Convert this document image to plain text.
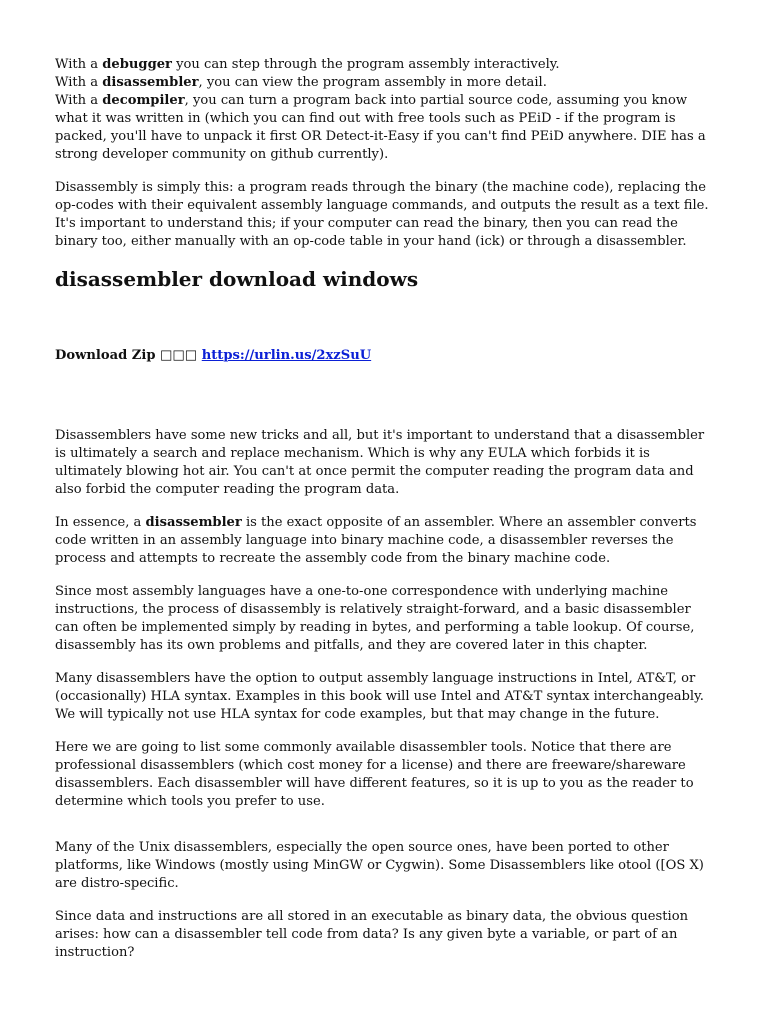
With a debugger you can step through the program assembly interactively.
With a disassembler, you can view the program assembly in more detail.
With a decompiler, you can turn a program back into partial source code, assuming you know what it was written in (which you can find out with free tools such as PEiD - if the program is packed, you'll have to unpack it first OR Detect-it-Easy if you can't find PEiD anywhere. DIE has a strong developer community on github currently).

Disassembly is simply this: a program reads through the binary (the machine code), replacing the op-codes with their equivalent assembly language commands, and outputs the result as a text file. It's important to understand this; if your computer can read the binary, then you can read the binary too, either manually with an op-code table in your hand (ick) or through a disassembler.

disassembler download windows

Download Zip □□□ https://urlin.us/2xzSuU

Disassemblers have some new tricks and all, but it's important to understand that a disassembler is ultimately a search and replace mechanism. Which is why any EULA which forbids it is ultimately blowing hot air. You can't at once permit the computer reading the program data and also forbid the computer reading the program data.

In essence, a disassembler is the exact opposite of an assembler. Where an assembler converts code written in an assembly language into binary machine code, a disassembler reverses the process and attempts to recreate the assembly code from the binary machine code.

Since most assembly languages have a one-to-one correspondence with underlying machine instructions, the process of disassembly is relatively straight-forward, and a basic disassembler can often be implemented simply by reading in bytes, and performing a table lookup. Of course, disassembly has its own problems and pitfalls, and they are covered later in this chapter.

Many disassemblers have the option to output assembly language instructions in Intel, AT&T, or (occasionally) HLA syntax. Examples in this book will use Intel and AT&T syntax interchangeably. We will typically not use HLA syntax for code examples, but that may change in the future.

Here we are going to list some commonly available disassembler tools. Notice that there are professional disassemblers (which cost money for a license) and there are freeware/shareware disassemblers. Each disassembler will have different features, so it is up to you as the reader to determine which tools you prefer to use.

Many of the Unix disassemblers, especially the open source ones, have been ported to other platforms, like Windows (mostly using MinGW or Cygwin). Some Disassemblers like otool ([OS X) are distro-specific.

Since data and instructions are all stored in an executable as binary data, the obvious question arises: how can a disassembler tell code from data? Is any given byte a variable, or part of an instruction?
